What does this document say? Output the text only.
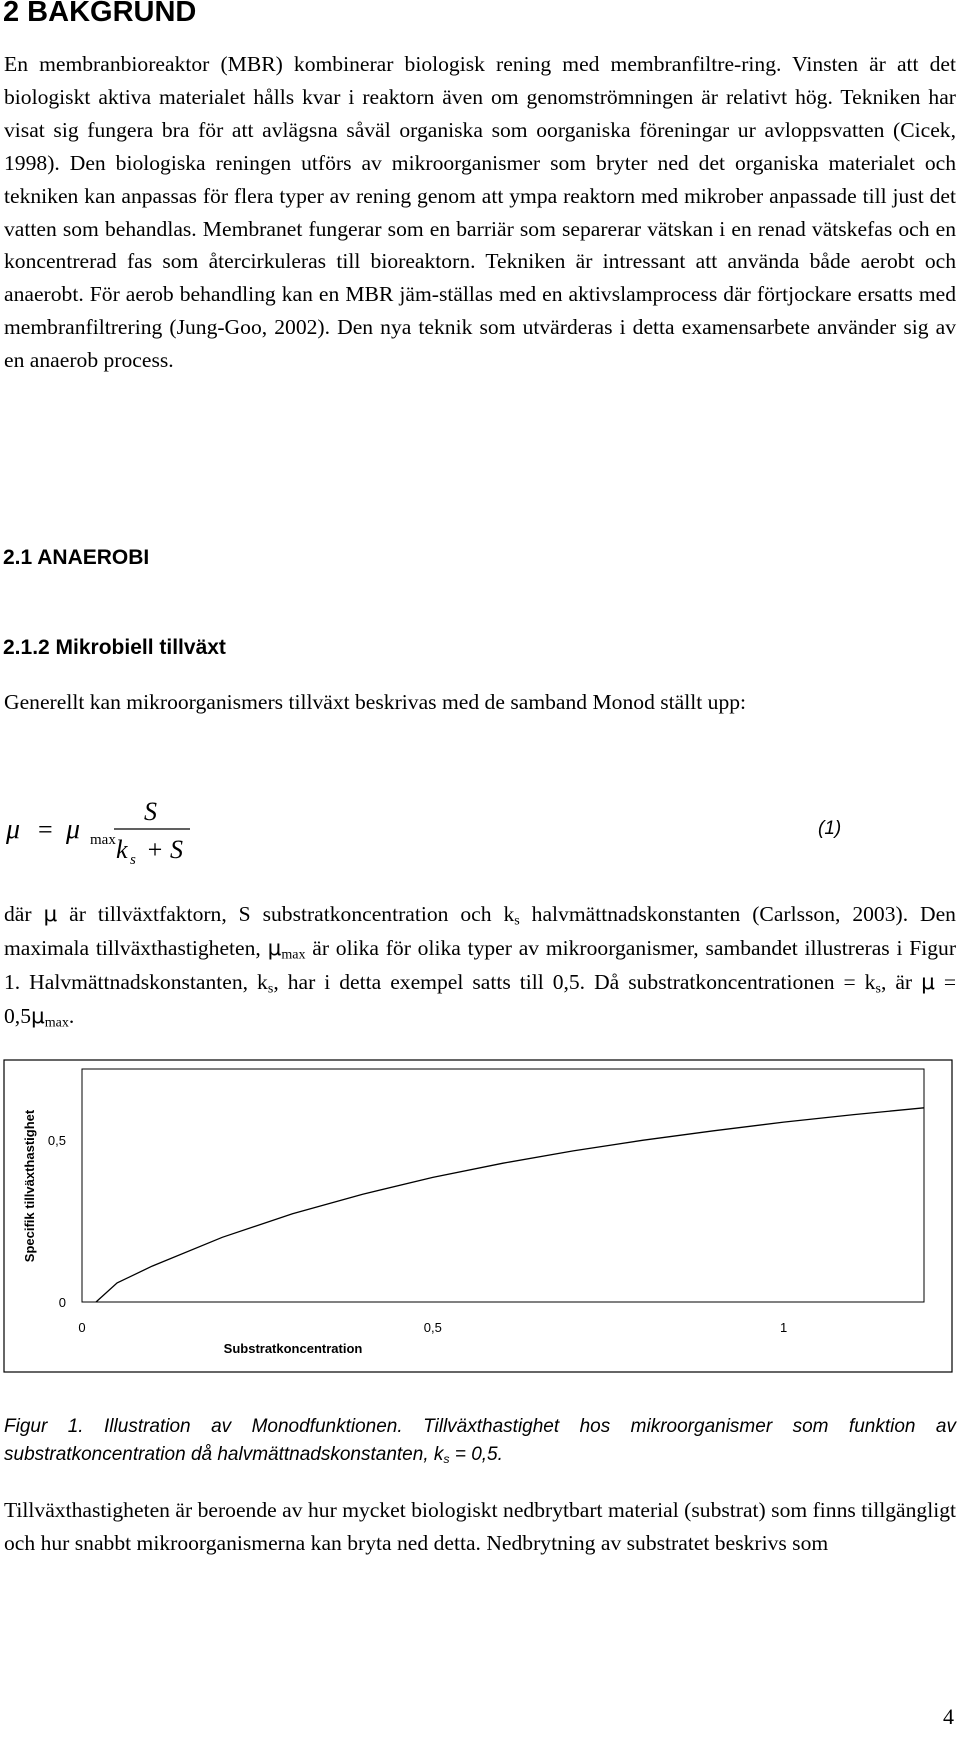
2 BAKGRUND

En membranbioreaktor (MBR) kombinerar biologisk rening med membranfiltre-ring. Vinsten är att det biologiskt aktiva materialet hålls kvar i reaktorn även om genomströmningen är relativt hög. Tekniken har visat sig fungera bra för att avlägsna såväl organiska som oorganiska föreningar ur avloppsvatten (Cicek, 1998). Den biologiska reningen utförs av mikroorganismer som bryter ned det organiska materialet och tekniken kan anpassas för flera typer av rening genom att ympa reaktorn med mikrober anpassade till just det vatten som behandlas. Membranet fungerar som en barriär som separerar vätskan i en renad vätskefas och en koncentrerad fas som återcirkuleras till bioreaktorn. Tekniken är intressant att använda både aerobt och anaerobt. För aerob behandling kan en MBR jäm-ställas med en aktivslamprocess där förtjockare ersatts med membranfiltrering (Jung-Goo, 2002). Den nya teknik som utvärderas i detta examensarbete använder sig av en anaerob process.

2.1 ANAEROBI
2.1.2 Mikrobiell tillväxt

Generellt kan mikroorganismers tillväxt beskrivas med de samband Monod ställt upp:

μ = μ max
S
k s + S
(1)

där μ är tillväxtfaktorn, S substratkoncentration och $k_s$ halvmättnadskonstanten (Carlsson, 2003). Den maximala tillväxthastigheten, $\mu_{max}$ är olika för olika typer av mikroorganismer, sambandet illustreras i Figur 1. Halvmättnadskonstanten, $k_s$, har i detta exempel satts till 0,5. Då substratkoncentrationen = $k_s$, är $\mu = 0,5\mu_{max}$.

0	0,5	1
0
0,5
Substratkoncentration
Specifik tillväxthastighet
Figur 1. Illustration av Monodfunktionen. Tillväxthastighet hos mikroorganismer som funktion av substratkoncentration då halvmättnadskonstanten, $k_s = 0,5$.

Tillväxthastigheten är beroende av hur mycket biologiskt nedbrytbart material (substrat) som finns tillgängligt och hur snabbt mikroorganismerna kan bryta ned detta. Nedbrytning av substratet beskrivs som

4
